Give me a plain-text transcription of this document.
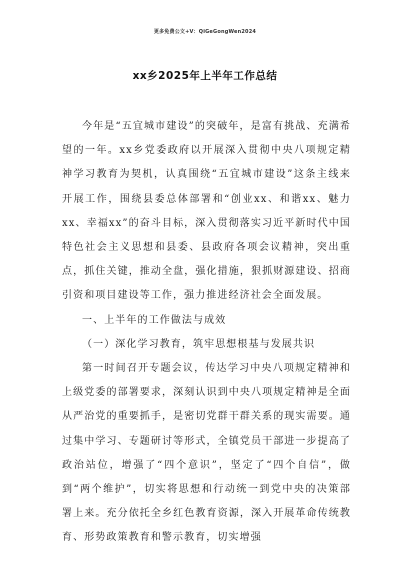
更多免费公文+V：QiGeGongWen2024
xx乡2025年上半年工作总结

今年是“五宜城市建设”的突破年，是富有挑战、充满希望的一年。xx乡党委政府以开展深入贯彻中央八项规定精神学习教育为契机，认真围绕“五宜城市建设”这条主线来开展工作，围绕县委总体部署和“创业xx、和谐xx、魅力xx、幸福xx”的奋斗目标，深入贯彻落实习近平新时代中国特色社会主义思想和县委、县政府各项会议精神，突出重点，抓住关键，推动全盘，强化措施，狠抓财源建设、招商引资和项目建设等工作，强力推进经济社会全面发展。

一、上半年的工作做法与成效

（一）深化学习教育，筑牢思想根基与发展共识

第一时间召开专题会议，传达学习中央八项规定精神和上级党委的部署要求，深刻认识到中央八项规定精神是全面从严治党的重要抓手，是密切党群干群关系的现实需要。通过集中学习、专题研讨等形式，全镇党员干部进一步提高了政治站位，增强了“四个意识”，坚定了“四个自信”，做到“两个维护”，切实将思想和行动统一到党中央的决策部署上来。充分依托全乡红色教育资源，深入开展革命传统教育、形势政策教育和警示教育，切实增强
